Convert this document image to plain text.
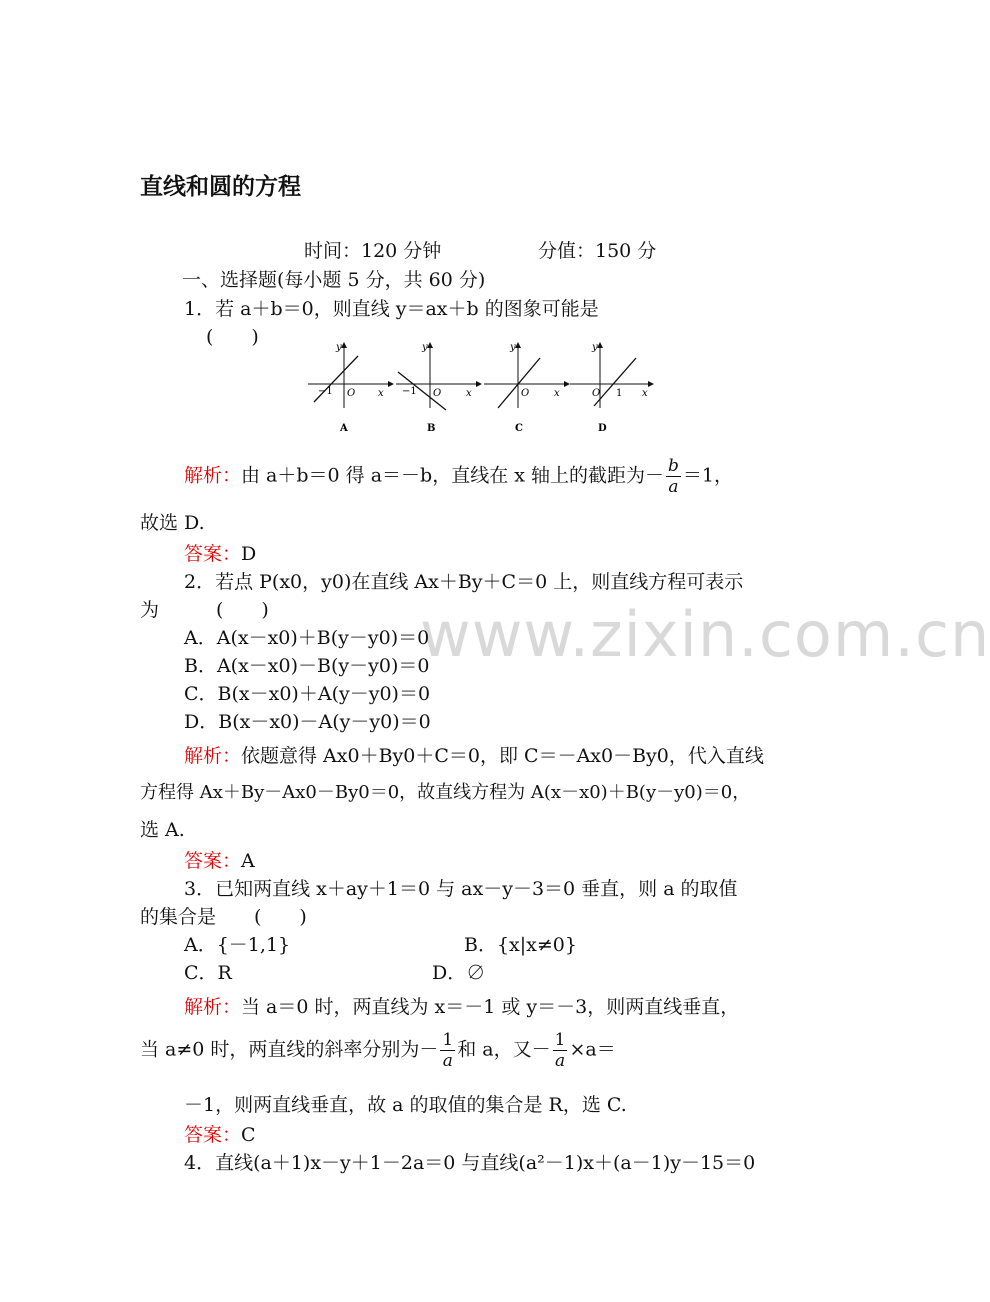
www.zixin.com.cn
直线和圆的方程
时间：120 分钟	分值：150 分
一、选择题(每小题 5 分，共 60 分)
1．若 a＋b＝0，则直线 y＝ax＋b 的图象可能是
(　　)	y
x
O
−1
A
y
x
O
−1
B
y
x
O
C
y
x
O 1
D
解析：由 a＋b＝0 得 a＝－b，直线在 x 轴上的截距为－ $\frac{b}{a} =1$，
故选 D.
答案：D
2．若点 P(x0，y0)在直线 Ax＋By＋C＝0 上，则直线方程可表示
为　　　(　　)
A．A(x－x0)＋B(y－y0)＝0
B．A(x－x0)－B(y－y0)＝0
C．B(x－x0)＋A(y－y0)＝0
D．B(x－x0)－A(y－y0)＝0
解析：依题意得 Ax0＋By0＋C＝0，即 C＝－Ax0－By0，代入直线
方程得 Ax＋By－Ax0－By0＝0，故直线方程为 A(x－x0)＋B(y－y0)＝0，
选 A.
答案：A
3．已知两直线 x＋ay＋1＝0 与 ax－y－3＝0 垂直，则 a 的取值
的集合是　　(　　)
A．{－1,1}	B．{x|x≠0}
C．R	D．∅
解析：当 a＝0 时，两直线为 x＝－1 或 y＝－3，则两直线垂直，
当 a≠0 时，两直线的斜率分别为－ $\frac{1}{a}$ 和 a，又－ $\frac{1}{a} \times a=$
－1，则两直线垂直，故 a 的取值的集合是 R，选 C.
答案：C
4．直线(a＋1)x－y＋1－2a＝0 与直线(a²－1)x＋(a－1)y－15＝0
